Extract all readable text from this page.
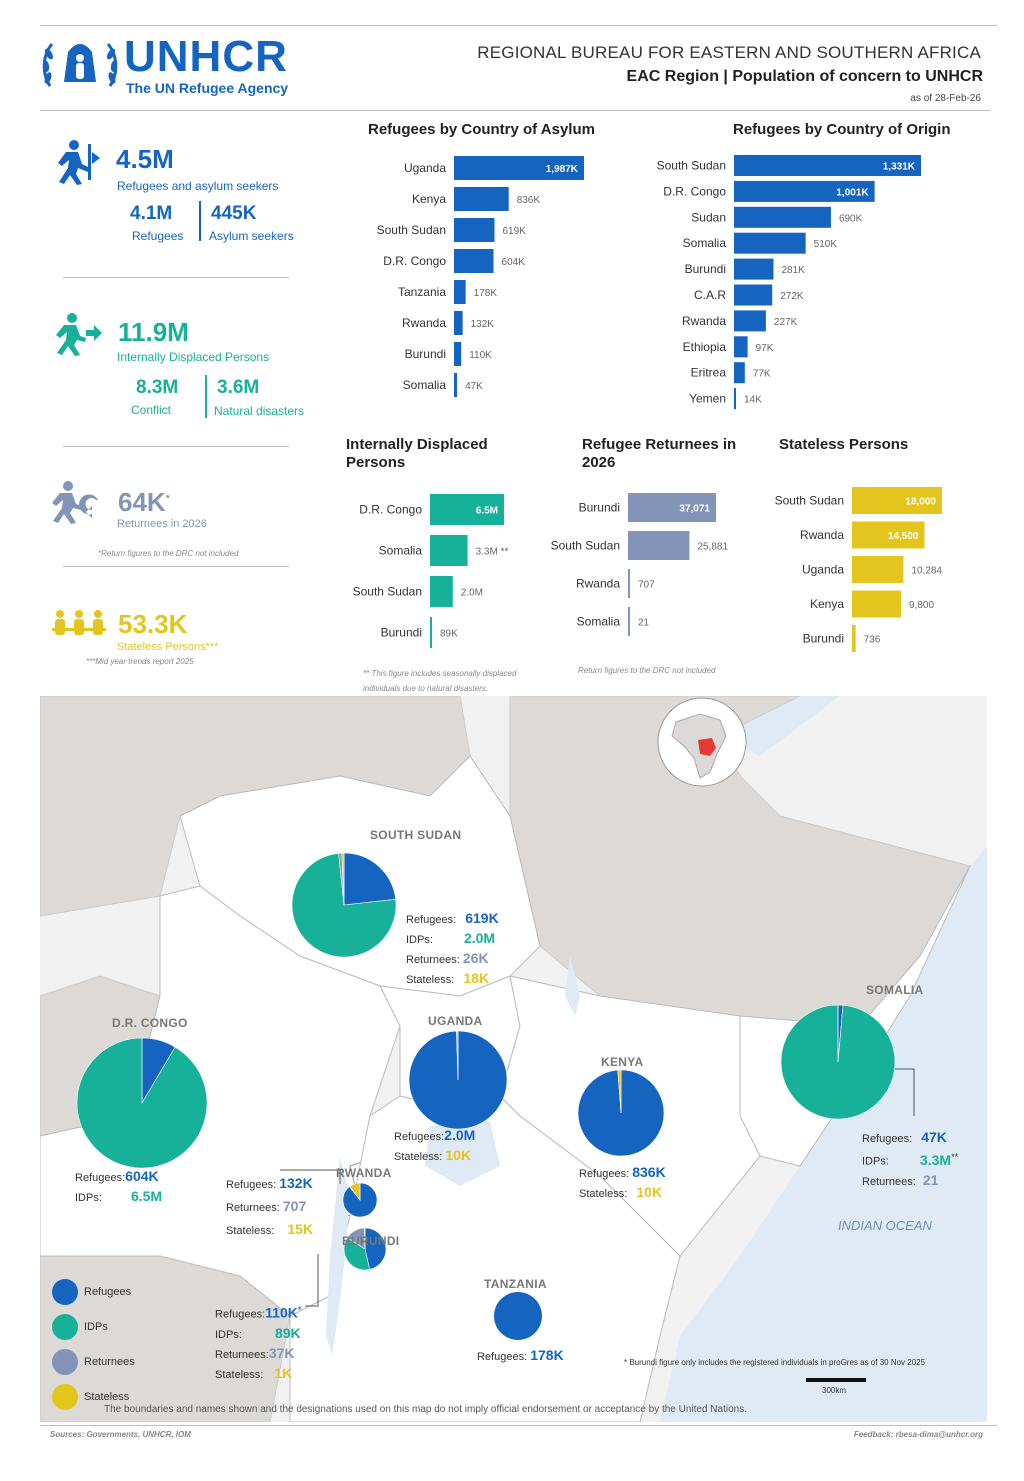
UNHCR
The UN Refugee Agency
REGIONAL BUREAU FOR EASTERN AND SOUTHERN AFRICA
EAC Region | Population of concern to UNHCR
as of 28-Feb-26
4.5M
Refugees and asylum seekers
4.1M
Refugees
445K
Asylum seekers
11.9M
Internally Displaced Persons
8.3M
Conflict
3.6M
Natural disasters
64K*
Returnees in 2026
*Return figures to the DRC not included
53.3K
Stateless Persons***
***Mid year trends report 2025
Refugees by Country of Asylum
Uganda	1,987K
Kenya	836K
South Sudan	619K
D.R. Congo	604K
Tanzania	178K
Rwanda 132K
Burundi 110K
Somalia 47K
Refugees by Country of Origin
South Sudan	1,331K
D.R. Congo	1,001K
Sudan	690K
Somalia	510K
Burundi	281K
C.A.R	272K
Rwanda	227K
Ethiopia	97K
Eritrea	77K
Yemen 14K
Internally Displaced Persons
D.R. Congo	6.5M
Somalia	3.3M **
South Sudan	2.0M
Burundi 89K
** This figure includes seasonally displaced individuals due to natural disasters.
Refugee Returnees in 2026
Burundi	37,071
South Sudan	25,881
Rwanda 707
Somalia 21
Return figures to the DRC not included
Stateless Persons
South Sudan	18,000
Rwanda	14,500
Uganda	10,284
Kenya	9,800
Burundi 736
SOUTH SUDAN
D.R. CONGO	UGANDA
KENYA
SOMALIA
RWANDA
BURUNDI
TANZANIA
INDIAN OCEAN
Refugees: 619K
IDPs: 2.0M
Returnees: 26K
Stateless: 18K
Refugees:604K
IDPs: 6.5M
Refugees:2.0M
Stateless: 10K
Refugees: 836K
Stateless: 10K
Refugees: 47K
IDPs: 3.3M**
Returnees: 21
Refugees: 132K
Returnees: 707
Stateless: 15K
Refugees:110K*
IDPs: 89K
Returnees:37K
Stateless: 1K
Refugees: 178K
Refugees
IDPs
Returnees
Stateless
* Burundi figure only includes the registered individuals in proGres as of 30 Nov 2025
300km
The boundaries and names shown and the designations used on this map do not imply official endorsement or acceptance by the United Nations.
Sources: Governments, UNHCR, IOM	Feedback: rbesa-dima@unhcr.org
